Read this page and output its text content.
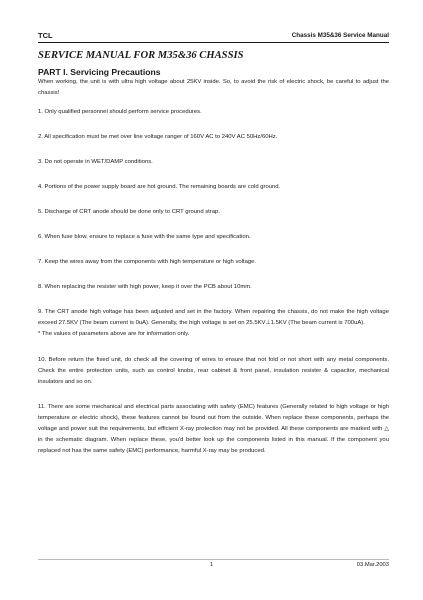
TCL	Chassis M35&36 Service Manual
SERVICE MANUAL FOR M35&36 CHASSIS
PART I. Servicing Precautions

When working, the unit is with ultra high voltage about 25KV inside. So, to avoid the risk of electric shock, be careful to adjust the chassis!

1. Only qualified personnel should perform service procedures.

2. All specification must be met over line voltage ranger of 160V AC to 240V AC 50Hz/60Hz.

3. Do not operate in WET/DAMP conditions.

4. Portions of the power supply board are hot ground. The remaining boards are cold ground.

5. Discharge of CRT anode should be done only to CRT ground strap.

6. When fuse blow, ensure to replace a fuse with the same type and specification.

7. Keep the wires away from the components with high temperature or high voltage.

8. When replacing the resister with high power, keep it over the PCB about 10mm.

9. The CRT anode high voltage has been adjusted and set in the factory. When repairing the chassis, do not make the high voltage exceed 27.5KV (The beam current is 0uA). Generally, the high voltage is set on 25.5KV⊥1.5KV (The beam current is 700uA).

* The values of parameters above are for information only.

10. Before return the fixed unit, do check all the covering of wires to ensure that not fold or not short with any metal components. Check the entire protection units, such as control knobs, rear cabinet & front panel, insulation resister & capacitor, mechanical insulators and so on.

11. There are some mechanical and electrical parts associating with safety (EMC) features (Generally related to high voltage or high temperature or electric shock), these features cannot be found out from the outside. When replace these components, perhaps the voltage and power suit the requirements, but efficient X-ray protection may not be provided. All these components are marked with △ in the schematic diagram. When replace these, you'd better look up the components listed in this manual. If the component you replaced not has the same safety (EMC) performance, harmful X-ray may be produced.

1	03.Mar.2003
